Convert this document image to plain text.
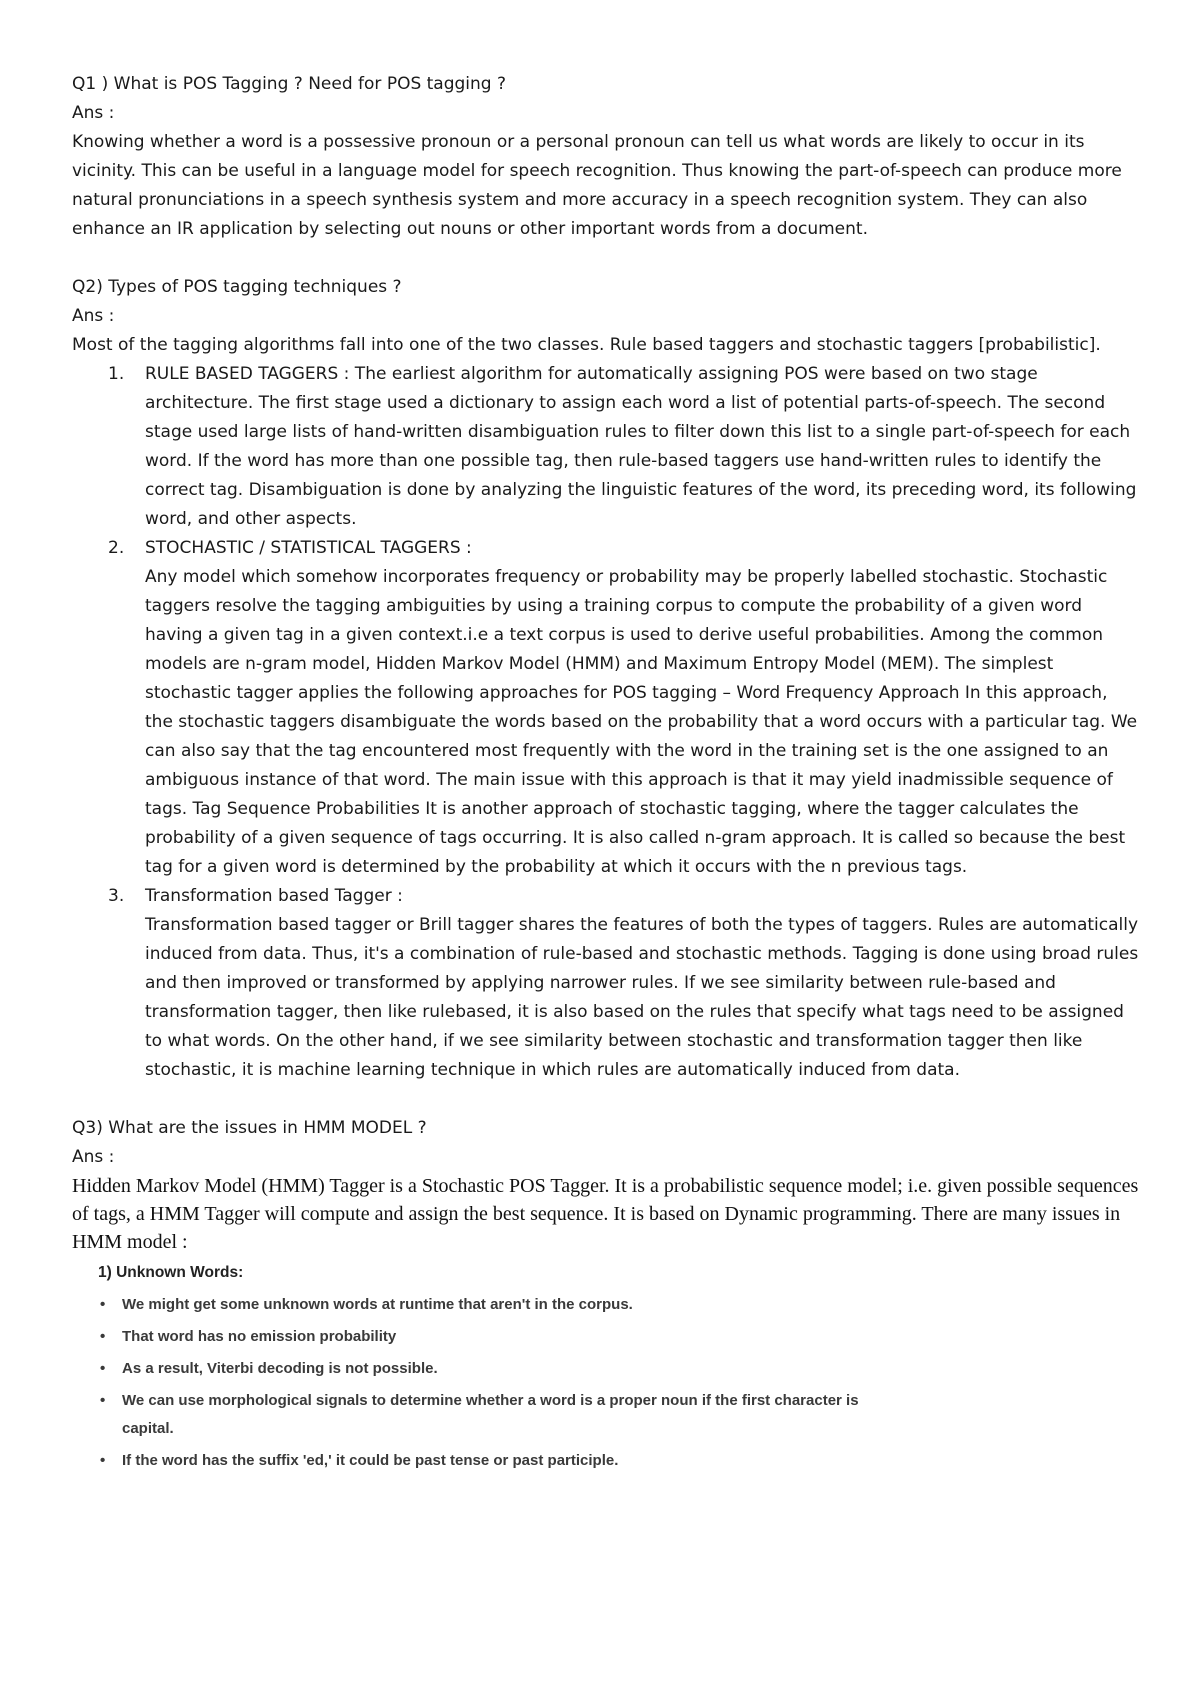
Q1 ) What is POS Tagging ? Need for POS tagging ?

Ans :

Knowing whether a word is a possessive pronoun or a personal pronoun can tell us what words are likely to occur in its vicinity. This can be useful in a language model for speech recognition. Thus knowing the part-of-speech can produce more natural pronunciations in a speech synthesis system and more accuracy in a speech recognition system. They can also enhance an IR application by selecting out nouns or other important words from a document.

Q2) Types of POS tagging techniques ?

Ans :

Most of the tagging algorithms fall into one of the two classes. Rule based taggers and stochastic taggers [probabilistic].

1. RULE BASED TAGGERS : The earliest algorithm for automatically assigning POS were based on two stage architecture. The first stage used a dictionary to assign each word a list of potential parts-of-speech. The second stage used large lists of hand-written disambiguation rules to filter down this list to a single part-of-speech for each word. If the word has more than one possible tag, then rule-based taggers use hand-written rules to identify the correct tag. Disambiguation is done by analyzing the linguistic features of the word, its preceding word, its following word, and other aspects.
2. STOCHASTIC / STATISTICAL TAGGERS :
Any model which somehow incorporates frequency or probability may be properly labelled stochastic. Stochastic taggers resolve the tagging ambiguities by using a training corpus to compute the probability of a given word having a given tag in a given context.i.e a text corpus is used to derive useful probabilities. Among the common models are n-gram model, Hidden Markov Model (HMM) and Maximum Entropy Model (MEM). The simplest stochastic tagger applies the following approaches for POS tagging – Word Frequency Approach In this approach, the stochastic taggers disambiguate the words based on the probability that a word occurs with a particular tag. We can also say that the tag encountered most frequently with the word in the training set is the one assigned to an ambiguous instance of that word. The main issue with this approach is that it may yield inadmissible sequence of tags. Tag Sequence Probabilities It is another approach of stochastic tagging, where the tagger calculates the probability of a given sequence of tags occurring. It is also called n-gram approach. It is called so because the best tag for a given word is determined by the probability at which it occurs with the n previous tags.
3. Transformation based Tagger :
Transformation based tagger or Brill tagger shares the features of both the types of taggers. Rules are automatically induced from data. Thus, it's a combination of rule-based and stochastic methods. Tagging is done using broad rules and then improved or transformed by applying narrower rules. If we see similarity between rule-based and transformation tagger, then like rulebased, it is also based on the rules that specify what tags need to be assigned to what words. On the other hand, if we see similarity between stochastic and transformation tagger then like stochastic, it is machine learning technique in which rules are automatically induced from data.

Q3) What are the issues in HMM MODEL ?

Ans :

Hidden Markov Model (HMM) Tagger is a Stochastic POS Tagger. It is a probabilistic sequence model; i.e. given possible sequences of tags, a HMM Tagger will compute and assign the best sequence. It is based on Dynamic programming. There are many issues in HMM model :

1) Unknown Words:
• We might get some unknown words at runtime that aren't in the corpus.
• That word has no emission probability
• As a result, Viterbi decoding is not possible.
• We can use morphological signals to determine whether a word is a proper noun if the first character is capital.
• If the word has the suffix 'ed,' it could be past tense or past participle.
